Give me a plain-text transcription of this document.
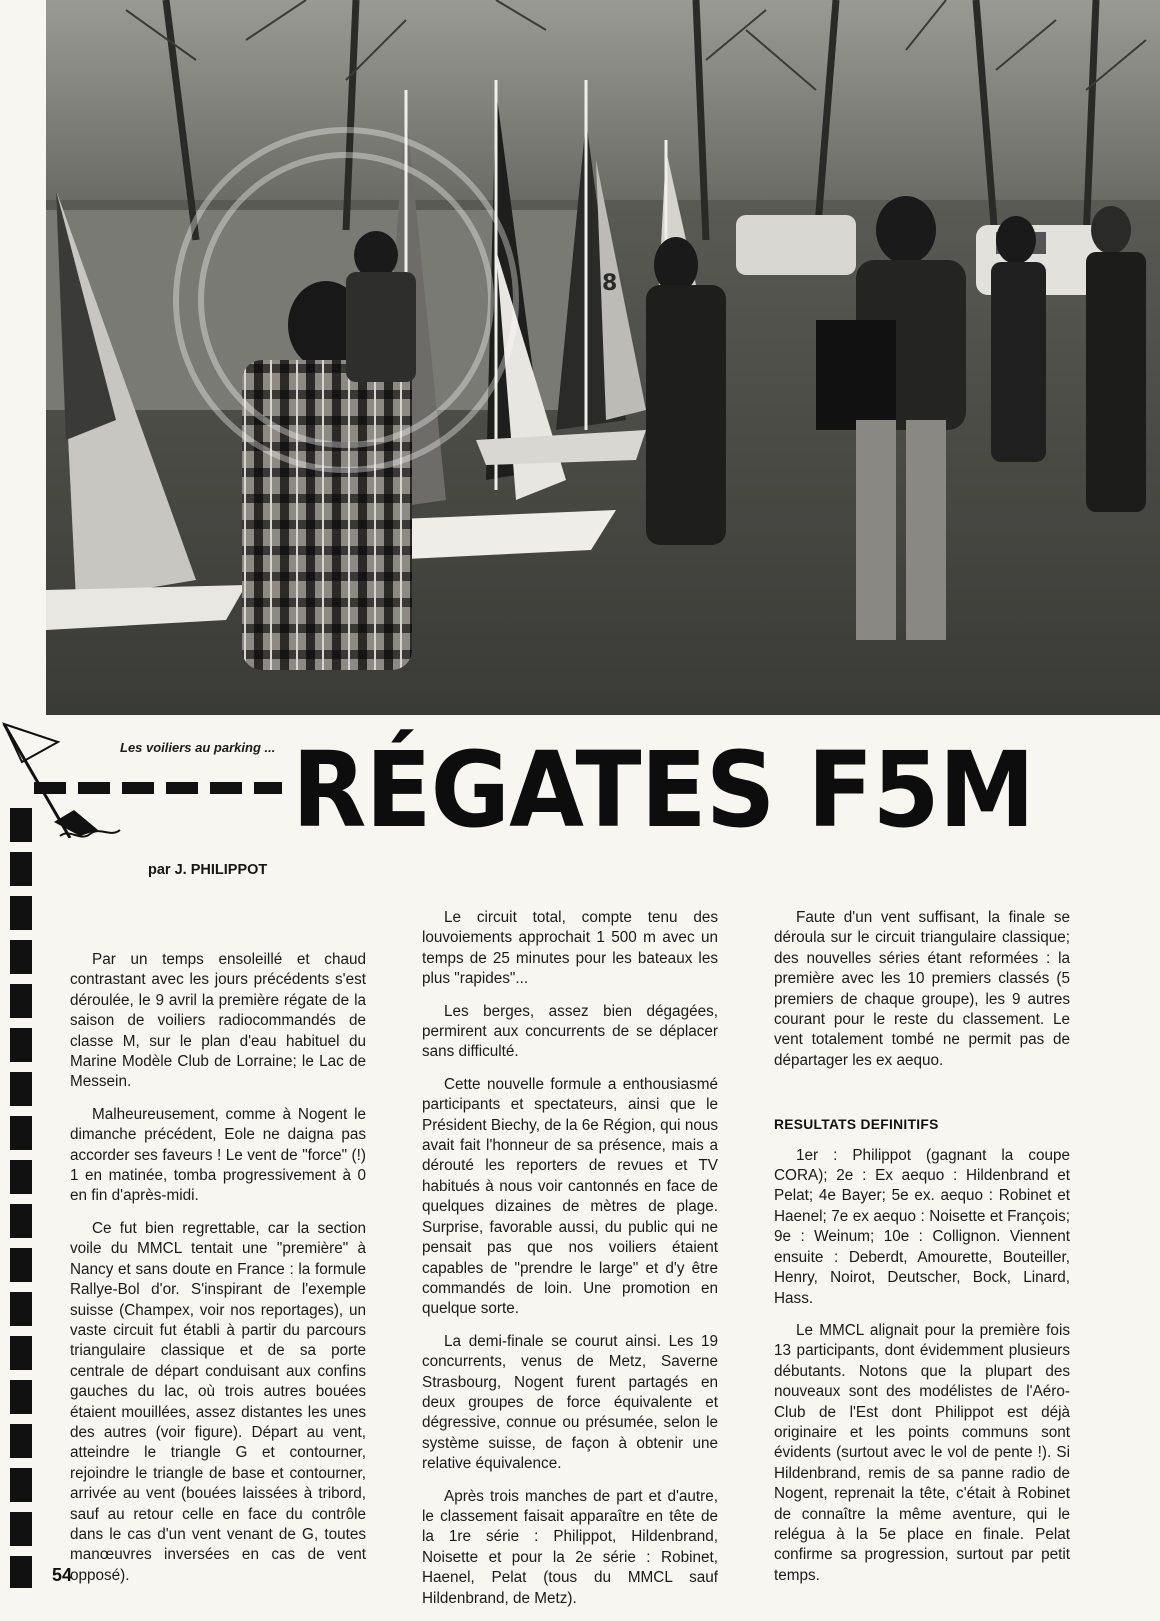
8
Les voiliers au parking ... RÉGATES F5M
par J. PHILIPPOT

Par un temps ensoleillé et chaud contrastant avec les jours précédents s'est déroulée, le 9 avril la première régate de la saison de voiliers radiocommandés de classe M, sur le plan d'eau habituel du Marine Modèle Club de Lorraine; le Lac de Messein.

Malheureusement, comme à Nogent le dimanche précédent, Eole ne daigna pas accorder ses faveurs ! Le vent de "force" (!) 1 en matinée, tomba progressivement à 0 en fin d'après-midi.

Ce fut bien regrettable, car la section voile du MMCL tentait une "première" à Nancy et sans doute en France : la formule Rallye-Bol d'or. S'inspirant de l'exemple suisse (Champex, voir nos reportages), un vaste circuit fut établi à partir du parcours triangulaire classique et de sa porte centrale de départ conduisant aux confins gauches du lac, où trois autres bouées étaient mouillées, assez distantes les unes des autres (voir figure). Départ au vent, atteindre le triangle G et contourner, rejoindre le triangle de base et contourner, arrivée au vent (bouées laissées à tribord, sauf au retour celle en face du contrôle dans le cas d'un vent venant de G, toutes manœuvres inversées en cas de vent opposé).

Le circuit total, compte tenu des louvoiements approchait 1 500 m avec un temps de 25 minutes pour les bateaux les plus "rapides"...

Les berges, assez bien dégagées, permirent aux concurrents de se déplacer sans difficulté.

Cette nouvelle formule a enthousiasmé participants et spectateurs, ainsi que le Président Biechy, de la 6e Région, qui nous avait fait l'honneur de sa présence, mais a dérouté les reporters de revues et TV habitués à nous voir cantonnés en face de quelques dizaines de mètres de plage. Surprise, favorable aussi, du public qui ne pensait pas que nos voiliers étaient capables de "prendre le large" et d'y être commandés de loin. Une promotion en quelque sorte.

La demi-finale se courut ainsi. Les 19 concurrents, venus de Metz, Saverne Strasbourg, Nogent furent partagés en deux groupes de force équivalente et dégressive, connue ou présumée, selon le système suisse, de façon à obtenir une relative équivalence.

Après trois manches de part et d'autre, le classement faisait apparaître en tête de la 1re série : Philippot, Hildenbrand, Noisette et pour la 2e série : Robinet, Haenel, Pelat (tous du MMCL sauf Hildenbrand, de Metz).

Faute d'un vent suffisant, la finale se déroula sur le circuit triangulaire classique; des nouvelles séries étant reformées : la première avec les 10 premiers classés (5 premiers de chaque groupe), les 9 autres courant pour le reste du classement. Le vent totalement tombé ne permit pas de départager les ex aequo.

RESULTATS DEFINITIFS

1er : Philippot (gagnant la coupe CORA); 2e : Ex aequo : Hildenbrand et Pelat; 4e Bayer; 5e ex. aequo : Robinet et Haenel; 7e ex aequo : Noisette et François; 9e : Weinum; 10e : Collignon. Viennent ensuite : Deberdt, Amourette, Bouteiller, Henry, Noirot, Deutscher, Bock, Linard, Hass.

Le MMCL alignait pour la première fois 13 participants, dont évidemment plusieurs débutants. Notons que la plupart des nouveaux sont des modélistes de l'Aéro-Club de l'Est dont Philippot est déjà originaire et les points communs sont évidents (surtout avec le vol de pente !). Si Hildenbrand, remis de sa panne radio de Nogent, reprenait la tête, c'était à Robinet de connaître la même aventure, qui le relégua à la 5e place en finale. Pelat confirme sa progression, surtout par petit temps.

54
